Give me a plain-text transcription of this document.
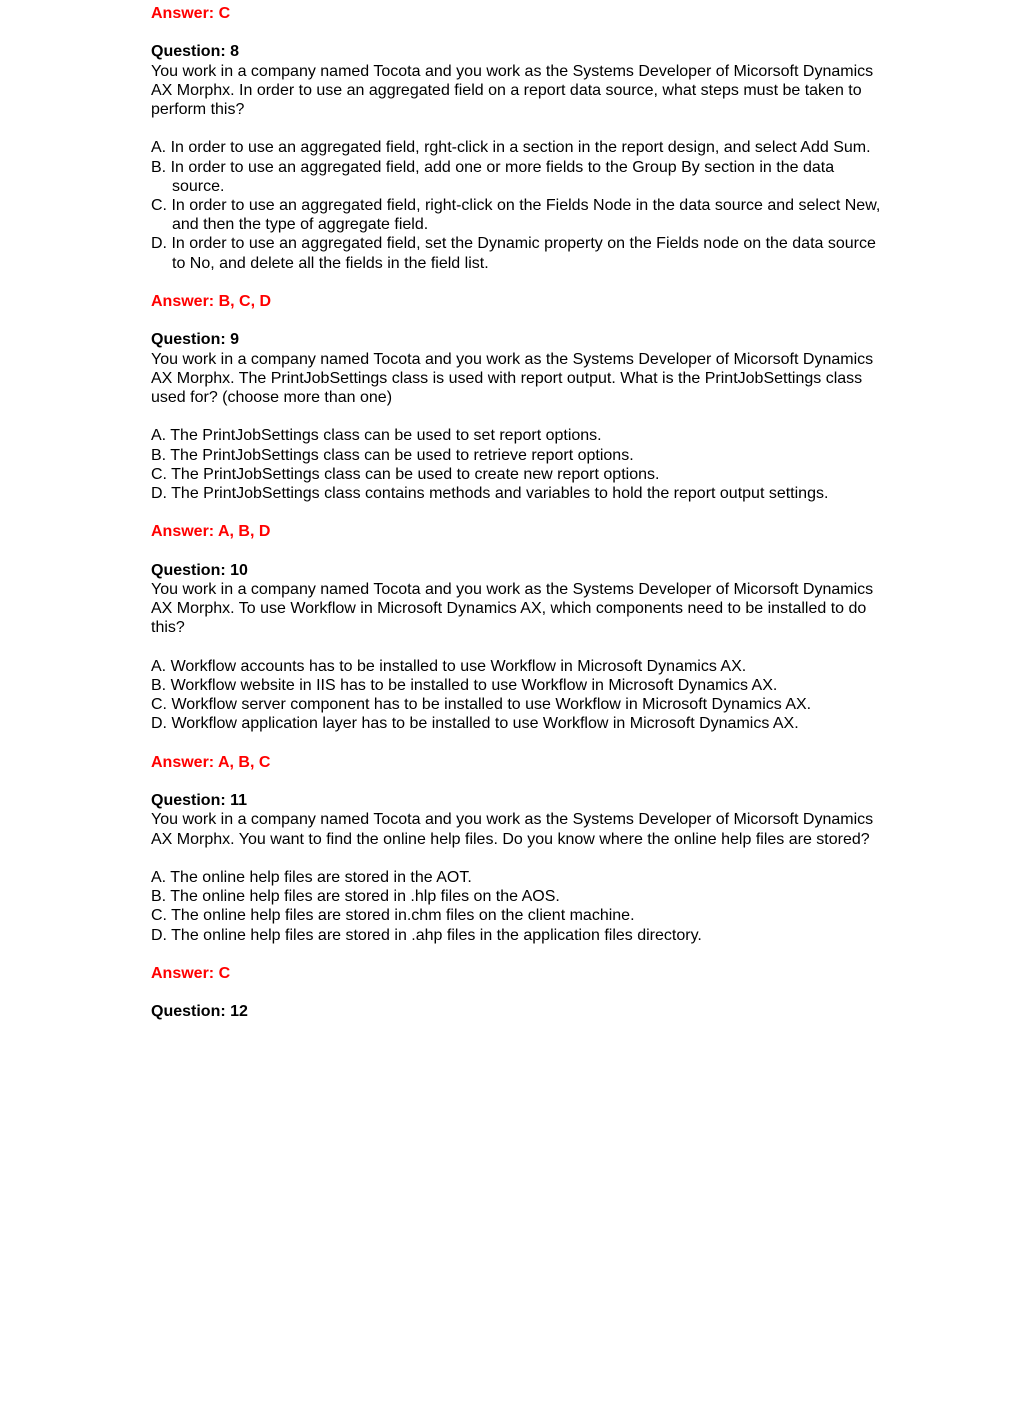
Answer: C

Question: 8

You work in a company named Tocota and you work as the Systems Developer of Micorsoft Dynamics AX Morphx. In order to use an aggregated field on a report data source, what steps must be taken to perform this?

A. In order to use an aggregated field, rght-click in a section in the report design, and select Add Sum.
B. In order to use an aggregated field, add one or more fields to the Group By section in the data source.
C. In order to use an aggregated field, right-click on the Fields Node in the data source and select New, and then the type of aggregate field.
D. In order to use an aggregated field, set the Dynamic property on the Fields node on the data source to No, and delete all the fields in the field list.

Answer: B, C, D

Question: 9

You work in a company named Tocota and you work as the Systems Developer of Micorsoft Dynamics AX Morphx. The PrintJobSettings class is used with report output. What is the PrintJobSettings class used for? (choose more than one)

A. The PrintJobSettings class can be used to set report options.
B. The PrintJobSettings class can be used to retrieve report options.
C. The PrintJobSettings class can be used to create new report options.
D. The PrintJobSettings class contains methods and variables to hold the report output settings.

Answer: A, B, D

Question: 10

You work in a company named Tocota and you work as the Systems Developer of Micorsoft Dynamics AX Morphx. To use Workflow in Microsoft Dynamics AX, which components need to be installed to do this?

A. Workflow accounts has to be installed to use Workflow in Microsoft Dynamics AX.
B. Workflow website in IIS has to be installed to use Workflow in Microsoft Dynamics AX.
C. Workflow server component has to be installed to use Workflow in Microsoft Dynamics AX.
D. Workflow application layer has to be installed to use Workflow in Microsoft Dynamics AX.

Answer: A, B, C

Question: 11

You work in a company named Tocota and you work as the Systems Developer of Micorsoft Dynamics AX Morphx. You want to find the online help files. Do you know where the online help files are stored?

A. The online help files are stored in the AOT.
B. The online help files are stored in .hlp files on the AOS.
C. The online help files are stored in.chm files on the client machine.
D. The online help files are stored in .ahp files in the application files directory.

Answer: C

Question: 12
